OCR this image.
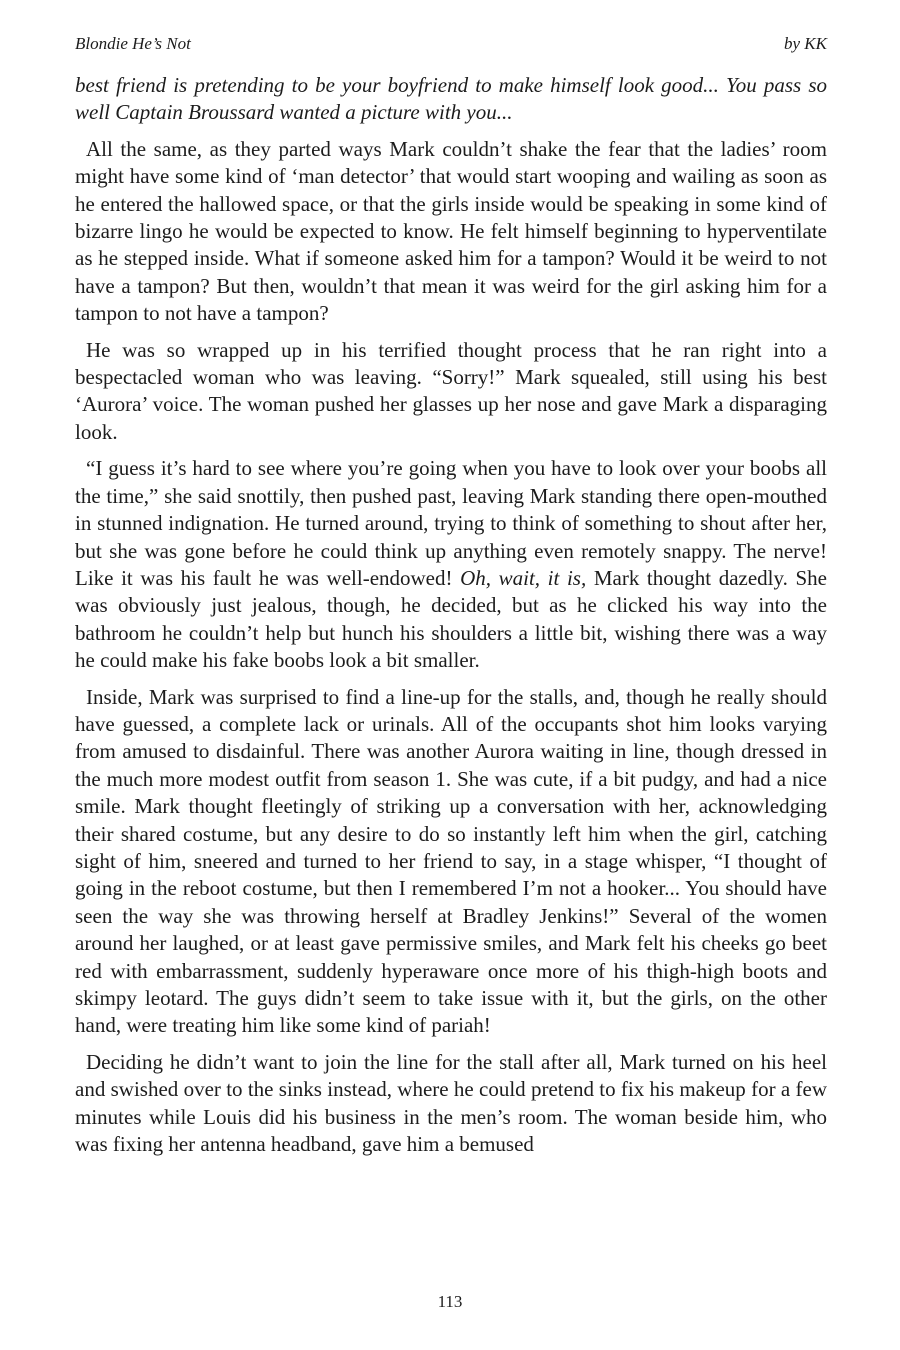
Blondie He’s Not	by KK

best friend is pretending to be your boyfriend to make himself look good... You pass so well Captain Broussard wanted a picture with you...

All the same, as they parted ways Mark couldn’t shake the fear that the ladies’ room might have some kind of ‘man detector’ that would start wooping and wailing as soon as he entered the hallowed space, or that the girls inside would be speaking in some kind of bizarre lingo he would be expected to know. He felt himself beginning to hyperventilate as he stepped inside. What if someone asked him for a tampon? Would it be weird to not have a tampon? But then, wouldn’t that mean it was weird for the girl asking him for a tampon to not have a tampon?

He was so wrapped up in his terrified thought process that he ran right into a bespectacled woman who was leaving. “Sorry!” Mark squealed, still using his best ‘Aurora’ voice. The woman pushed her glasses up her nose and gave Mark a disparaging look.

“I guess it’s hard to see where you’re going when you have to look over your boobs all the time,” she said snottily, then pushed past, leaving Mark standing there open-mouthed in stunned indignation. He turned around, trying to think of something to shout after her, but she was gone before he could think up anything even remotely snappy. The nerve! Like it was his fault he was well-endowed! Oh, wait, it is, Mark thought dazedly. She was obviously just jealous, though, he decided, but as he clicked his way into the bathroom he couldn’t help but hunch his shoulders a little bit, wishing there was a way he could make his fake boobs look a bit smaller.

Inside, Mark was surprised to find a line-up for the stalls, and, though he really should have guessed, a complete lack or urinals. All of the occupants shot him looks varying from amused to disdainful. There was another Aurora waiting in line, though dressed in the much more modest outfit from season 1. She was cute, if a bit pudgy, and had a nice smile. Mark thought fleetingly of striking up a conversation with her, acknowledging their shared costume, but any desire to do so instantly left him when the girl, catching sight of him, sneered and turned to her friend to say, in a stage whisper, “I thought of going in the reboot costume, but then I remembered I’m not a hooker... You should have seen the way she was throwing herself at Bradley Jenkins!” Several of the women around her laughed, or at least gave permissive smiles, and Mark felt his cheeks go beet red with embarrassment, suddenly hyperaware once more of his thigh-high boots and skimpy leotard. The guys didn’t seem to take issue with it, but the girls, on the other hand, were treating him like some kind of pariah!

Deciding he didn’t want to join the line for the stall after all, Mark turned on his heel and swished over to the sinks instead, where he could pretend to fix his makeup for a few minutes while Louis did his business in the men’s room. The woman beside him, who was fixing her antenna headband, gave him a bemused

113
